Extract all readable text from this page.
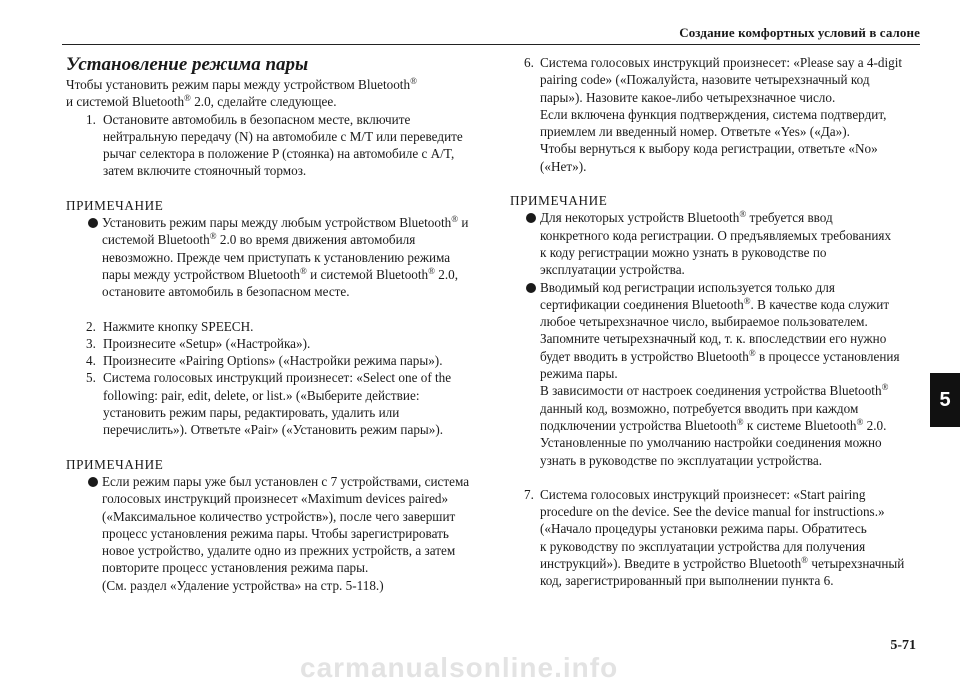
Создание комфортных условий в салоне
Установление режима пары

Чтобы установить режим пары между устройством Bluetooth®

и системой Bluetooth® 2.0, сделайте следующее.

1. Остановите автомобиль в безопасном месте, включите

нейтральную передачу (N) на автомобиле с M/T или переведите

рычаг селектора в положение P (стоянка) на автомобиле с A/T,

затем включите стояночный тормоз.

ПРИМЕЧАНИЕ

Установить режим пары между любым устройством Bluetooth® и

системой Bluetooth® 2.0 во время движения автомобиля

невозможно. Прежде чем приступать к установлению режима

пары между устройством Bluetooth® и системой Bluetooth® 2.0,

остановите автомобиль в безопасном месте.

2. Нажмите кнопку SPEECH.

3. Произнесите «Setup» («Настройка»).

4. Произнесите «Pairing Options» («Настройки режима пары»).

5. Система голосовых инструкций произнесет: «Select one of the

following: pair, edit, delete, or list.» («Выберите действие:

установить режим пары, редактировать, удалить или

перечислить»). Ответьте «Pair» («Установить режим пары»).

ПРИМЕЧАНИЕ

Если режим пары уже был установлен с 7 устройствами, система

голосовых инструкций произнесет «Maximum devices paired»

(«Максимальное количество устройств»), после чего завершит

процесс установления режима пары. Чтобы зарегистрировать

новое устройство, удалите одно из прежних устройств, а затем

повторите процесс установления режима пары.

(См. раздел «Удаление устройства» на стр. 5-118.)

6. Система голосовых инструкций произнесет: «Please say a 4-digit

pairing code» («Пожалуйста, назовите четырехзначный код

пары»). Назовите какое-либо четырехзначное число.

Если включена функция подтверждения, система подтвердит,

приемлем ли введенный номер. Ответьте «Yes» («Да»).

Чтобы вернуться к выбору кода регистрации, ответьте «No»

(«Нет»).

ПРИМЕЧАНИЕ

Для некоторых устройств Bluetooth® требуется ввод

конкретного кода регистрации. О предъявляемых требованиях

к коду регистрации можно узнать в руководстве по

эксплуатации устройства.

Вводимый код регистрации используется только для

сертификации соединения Bluetooth®. В качестве кода служит

любое четырехзначное число, выбираемое пользователем.

Запомните четырехзначный код, т. к. впоследствии его нужно

будет вводить в устройство Bluetooth® в процессе установления

режима пары.

В зависимости от настроек соединения устройства Bluetooth®

данный код, возможно, потребуется вводить при каждом

подключении устройства Bluetooth® к системе Bluetooth® 2.0.

Установленные по умолчанию настройки соединения можно

узнать в руководстве по эксплуатации устройства.

7. Система голосовых инструкций произнесет: «Start pairing

procedure on the device. See the device manual for instructions.»

(«Начало процедуры установки режима пары. Обратитесь

к руководству по эксплуатации устройства для получения

инструкций»). Введите в устройство Bluetooth® четырехзначный

код, зарегистрированный при выполнении пункта 6.

5
5-71
carmanualsonline.info
